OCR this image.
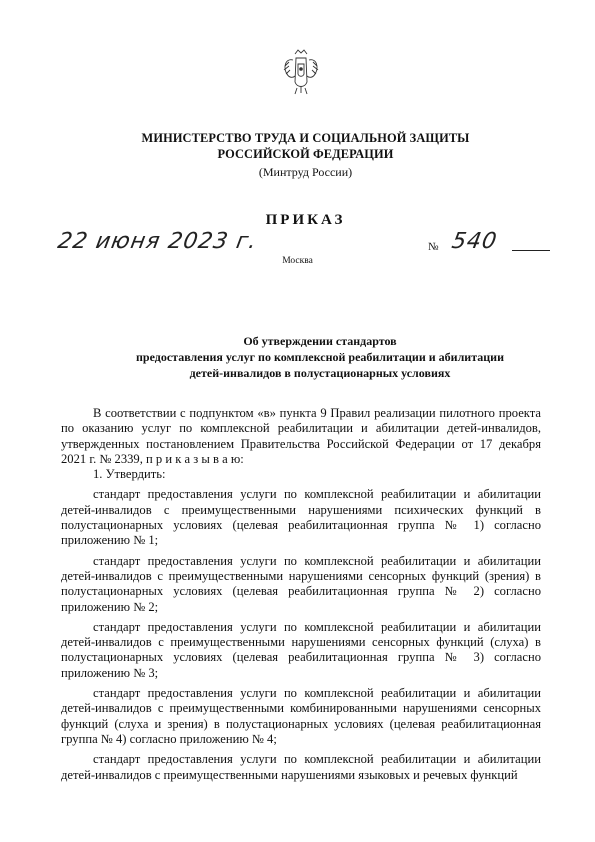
МИНИСТЕРСТВО ТРУДА И СОЦИАЛЬНОЙ ЗАЩИТЫ
РОССИЙСКОЙ ФЕДЕРАЦИИ
(Минтруд России)
ПРИКАЗ
22 июня 2023 г.	№ 540
Москва
Об утверждении стандартов
предоставления услуг по комплексной реабилитации и абилитации
детей-инвалидов в полустационарных условиях

В соответствии с подпунктом «в» пункта 9 Правил реализации пилотного проекта по оказанию услуг по комплексной реабилитации и абилитации детей-инвалидов, утвержденных постановлением Правительства Российской Федерации от 17 декабря 2021 г. № 2339, п р и к а з ы в а ю:

1. Утвердить:

стандарт предоставления услуги по комплексной реабилитации и абилитации детей-инвалидов с преимущественными нарушениями психических функций в полустационарных условиях (целевая реабилитационная группа № 1) согласно приложению № 1;

стандарт предоставления услуги по комплексной реабилитации и абилитации детей-инвалидов с преимущественными нарушениями сенсорных функций (зрения) в полустационарных условиях (целевая реабилитационная группа № 2) согласно приложению № 2;

стандарт предоставления услуги по комплексной реабилитации и абилитации детей-инвалидов с преимущественными нарушениями сенсорных функций (слуха) в полустационарных условиях (целевая реабилитационная группа № 3) согласно приложению № 3;

стандарт предоставления услуги по комплексной реабилитации и абилитации детей-инвалидов с преимущественными комбинированными нарушениями сенсорных функций (слуха и зрения) в полустационарных условиях (целевая реабилитационная группа № 4) согласно приложению № 4;

стандарт предоставления услуги по комплексной реабилитации и абилитации детей-инвалидов с преимущественными нарушениями языковых и речевых функций
